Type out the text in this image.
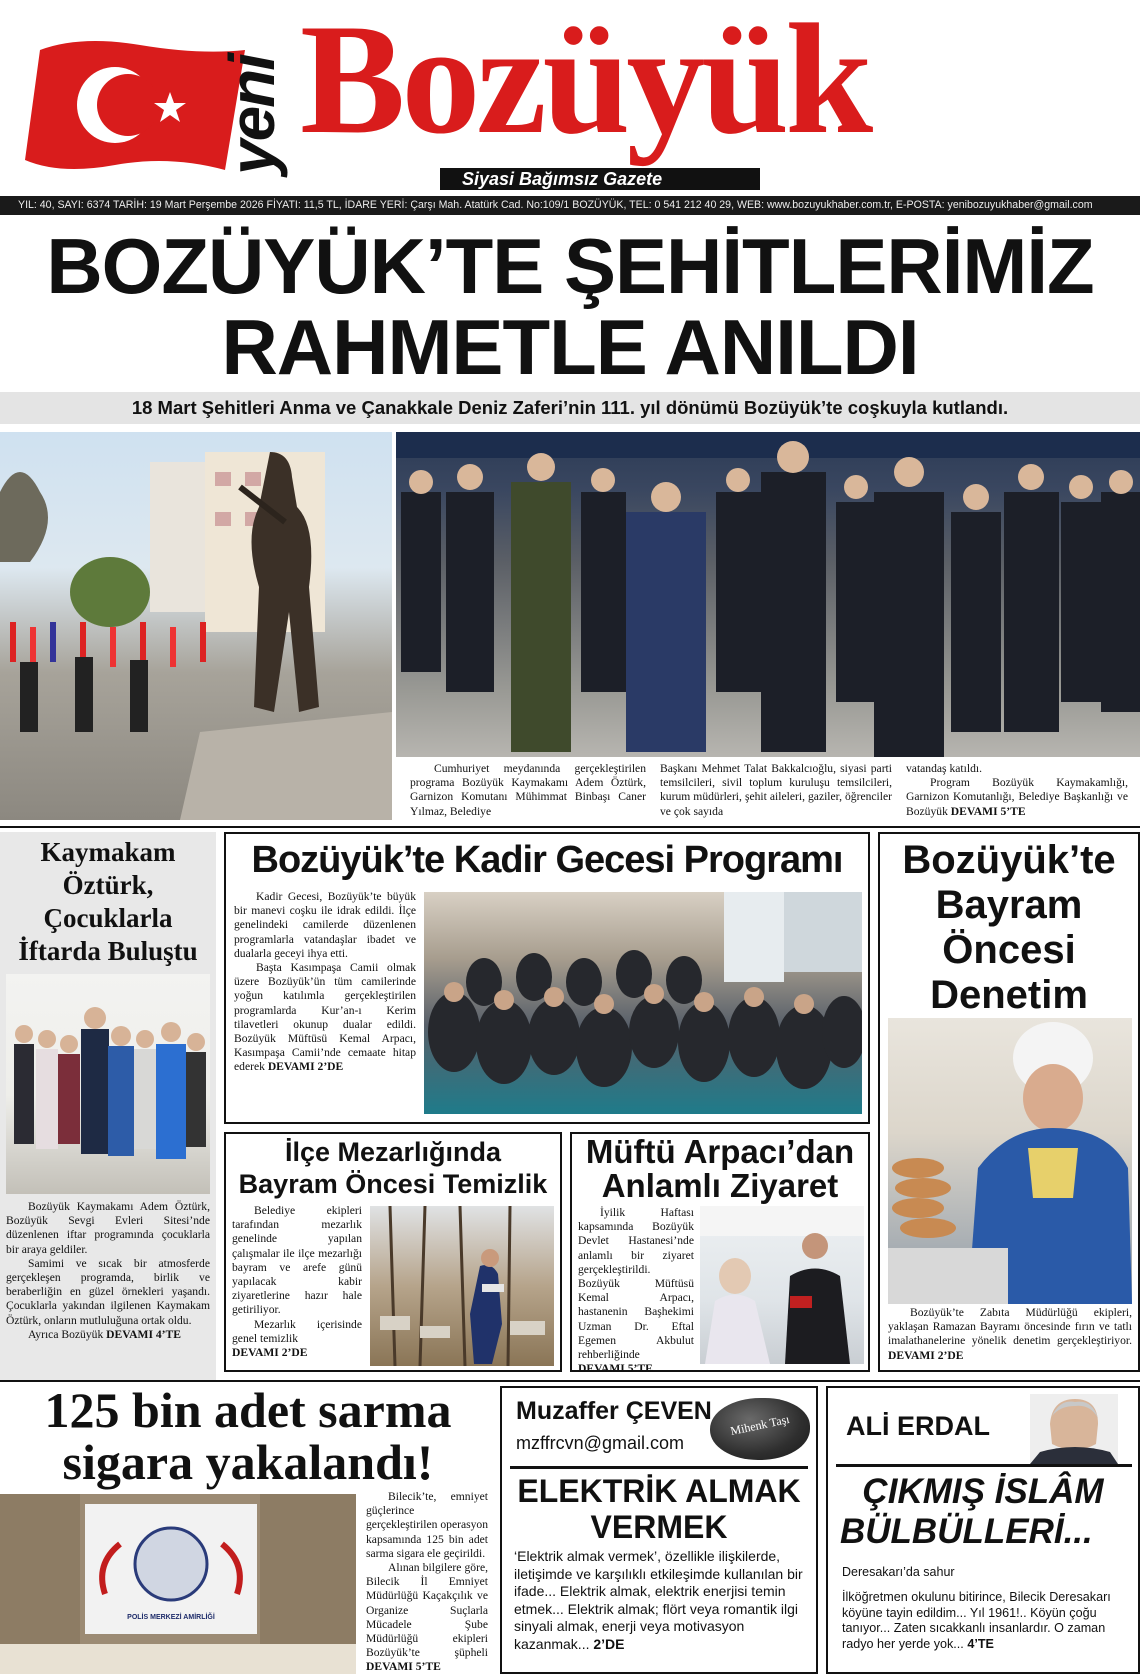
yeni Bozüyük
Siyasi Bağımsız Gazete
YIL: 40, SAYI: 6374 TARİH: 19 Mart Perşembe 2026 FİYATI: 11,5 TL, İDARE YERİ: Çarşı Mah. Atatürk Cad. No:109/1 BOZÜYÜK, TEL: 0 541 212 40 29, WEB: www.bozuyukhaber.com.tr, E-POSTA: yenibozuyukhaber@gmail.com
BOZÜYÜK’TE ŞEHİTLERİMİZ
RAHMETLE ANILDI
18 Mart Şehitleri Anma ve Çanakkale Deniz Zaferi’nin 111. yıl dönümü Bozüyük’te coşkuyla kutlandı.
Cumhuriyet meydanında gerçekleştirilen programa Bozüyük Kaymakamı Adem Öztürk, Garnizon Komutanı Mühimmat Binbaşı Caner Yılmaz, Belediye
Başkanı Mehmet Talat Bakkalcıoğlu, siyasi parti temsilcileri, sivil toplum kuruluşu temsilcileri, kurum müdürleri, şehit aileleri, gaziler, öğrenciler ve çok sayıda
vatandaş katıldı.
Program Bozüyük Kaymakamlığı, Garnizon Komutanlığı, Belediye Başkanlığı ve Bozüyük DEVAMI 5’TE
Kaymakam Öztürk, Çocuklarla İftarda Buluştu
Bozüyük Kaymakamı Adem Öztürk, Bozüyük Sevgi Evleri Sitesi’nde düzenlenen iftar programında çocuklarla bir araya geldiler.
Samimi ve sıcak bir atmosferde gerçekleşen programda, birlik ve beraberliğin en güzel örnekleri yaşandı. Çocuklarla yakından ilgilenen Kaymakam Öztürk, onların mutluluğuna ortak oldu.
Ayrıca Bozüyük DEVAMI 4’TE
Bozüyük’te Kadir Gecesi Programı
Kadir Gecesi, Bozüyük’te büyük bir manevi coşku ile idrak edildi. İlçe genelindeki camilerde düzenlenen programlarla vatandaşlar ibadet ve dualarla geceyi ihya etti.
Başta Kasımpaşa Camii olmak üzere Bozüyük’ün tüm camilerinde yoğun katılımla gerçekleştirilen programlarda Kur’an-ı Kerim tilavetleri okunup dualar edildi. Bozüyük Müftüsü Kemal Arpacı, Kasımpaşa Camii’nde cemaate hitap ederek DEVAMI 2’DE
Bozüyük’te Bayram Öncesi Denetim
Bozüyük’te Zabıta Müdürlüğü ekipleri, yaklaşan Ramazan Bayramı öncesinde fırın ve tatlı imalathanelerine yönelik denetim gerçekleştiriyor. DEVAMI 2’DE
İlçe Mezarlığında
Bayram Öncesi Temizlik
Belediye ekipleri tarafından mezarlık genelinde yapılan çalışmalar ile ilçe mezarlığı bayram ve arefe günü yapılacak kabir ziyaretlerine hazır hale getiriliyor.
Mezarlık içerisinde genel temizlik
DEVAMI 2’DE
Müftü Arpacı’dan
Anlamlı Ziyaret
İyilik Haftası kapsamında Bozüyük Devlet Hastanesi’nde anlamlı bir ziyaret gerçekleştirildi. Bozüyük Müftüsü Kemal Arpacı, hastanenin Başhekimi Uzman Dr. Eftal Egemen Akbulut rehberliğinde
DEVAMI 5’TE
125 bin adet sarma
sigara yakalandı!
POLİS MERKEZİ AMİRLİĞİ
Bilecik’te, emniyet güçlerince gerçekleştirilen operasyon kapsamında 125 bin adet sarma sigara ele geçirildi.
Alınan bilgilere göre, Bilecik İl Emniyet Müdürlüğü Kaçakçılık ve Organize Suçlarla Mücadele Şube Müdürlüğü ekipleri Bozüyük’te şüpheli DEVAMI 5’TE
Muzaffer ÇEVEN
mzffrcvn@gmail.com
Mihenk Taşı
ELEKTRİK ALMAK
VERMEK
‘Elektrik almak vermek’, özellikle ilişkilerde, iletişimde ve karşılıklı etkileşimde kullanılan bir ifade... Elektrik almak, elektrik enerjisi temin etmek... Elektrik almak; flört veya romantik ilgi sinyali almak, enerji veya motivasyon kazanmak... 2’DE
ALİ ERDAL
ÇIKMIŞ İSLÂM
BÜLBÜLLERİ...
Deresakarı’da sahur
İlköğretmen okulunu bitirince, Bilecik Deresakarı köyüne tayin edildim... Yıl 1961!.. Köyün çoğu tanıyor... Zaten sıcakkanlı insanlardır. O zaman radyo her yerde yok... 4’TE
